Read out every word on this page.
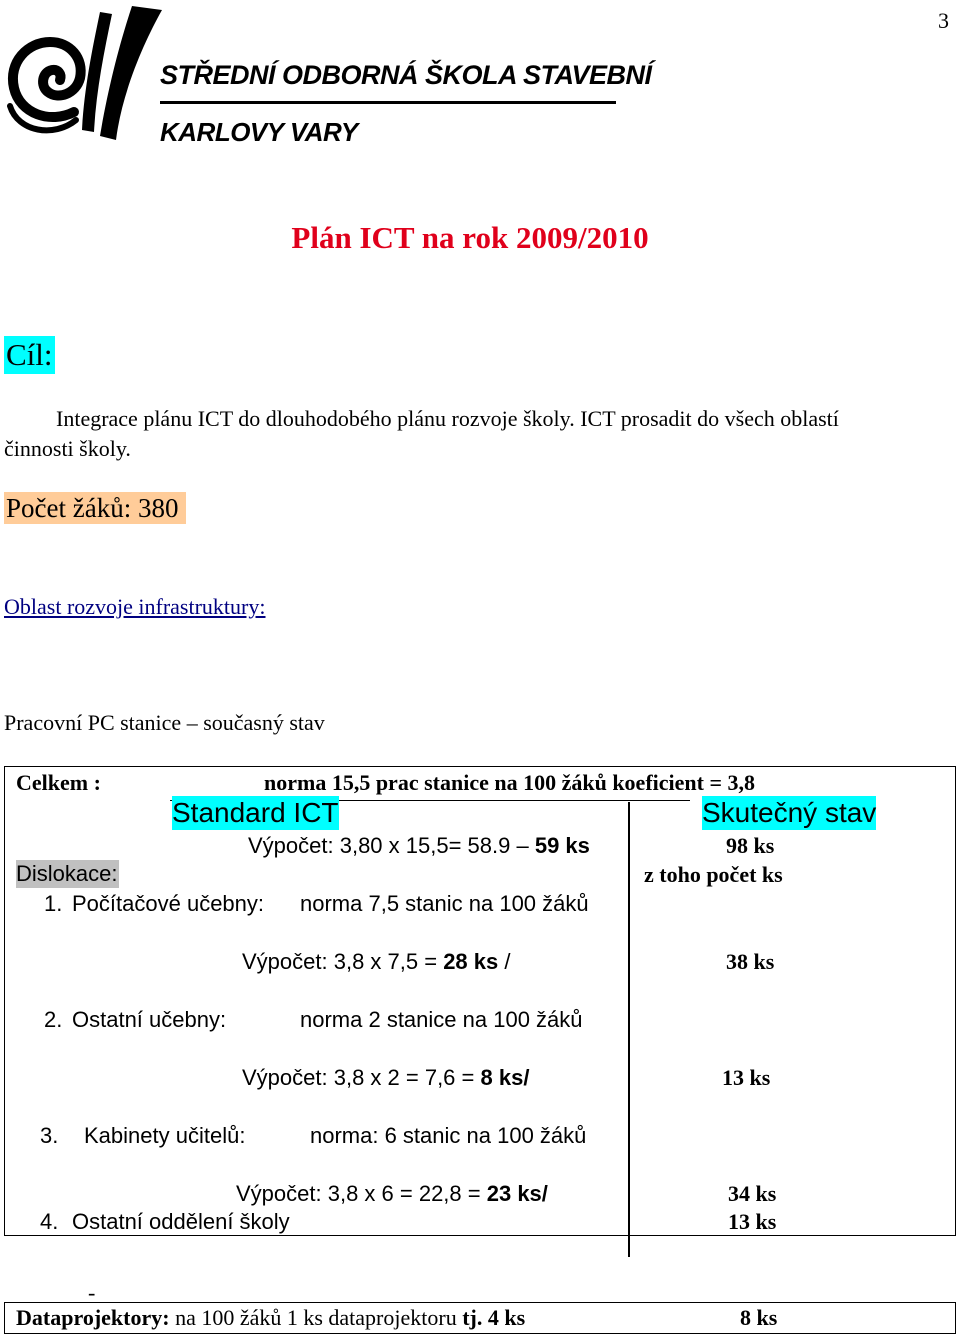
3
STŘEDNÍ ODBORNÁ ŠKOLA STAVEBNÍ
KARLOVY VARY
Plán ICT na rok 2009/2010
Cíl:
Integrace plánu ICT do dlouhodobého plánu rozvoje školy. ICT prosadit do všech oblastí
činnosti školy.
Počet žáků: 380
Oblast rozvoje infrastruktury:
Pracovní PC stanice – současný stav
Celkem :	norma 15,5 prac stanice na 100 žáků koeficient = 3,8
Standard ICT	Skutečný stav
Výpočet: 3,80 x 15,5= 58.9 – 59 ks	98 ks
Dislokace:	z toho počet ks
1. Počítačové učebny: norma 7,5 stanic na 100 žáků
Výpočet: 3,8 x 7,5 = 28 ks /	38 ks
2. Ostatní učebny:	norma 2 stanice na 100 žáků
Výpočet: 3,8 x 2 = 7,6 = 8 ks/	13 ks
3. Kabinety učitelů:	norma: 6 stanic na 100 žáků
Výpočet: 3,8 x 6 = 22,8 = 23 ks/	34 ks
4. Ostatní oddělení školy	13 ks
-
Dataprojektory: na 100 žáků 1 ks dataprojektoru tj. 4 ks	8 ks
